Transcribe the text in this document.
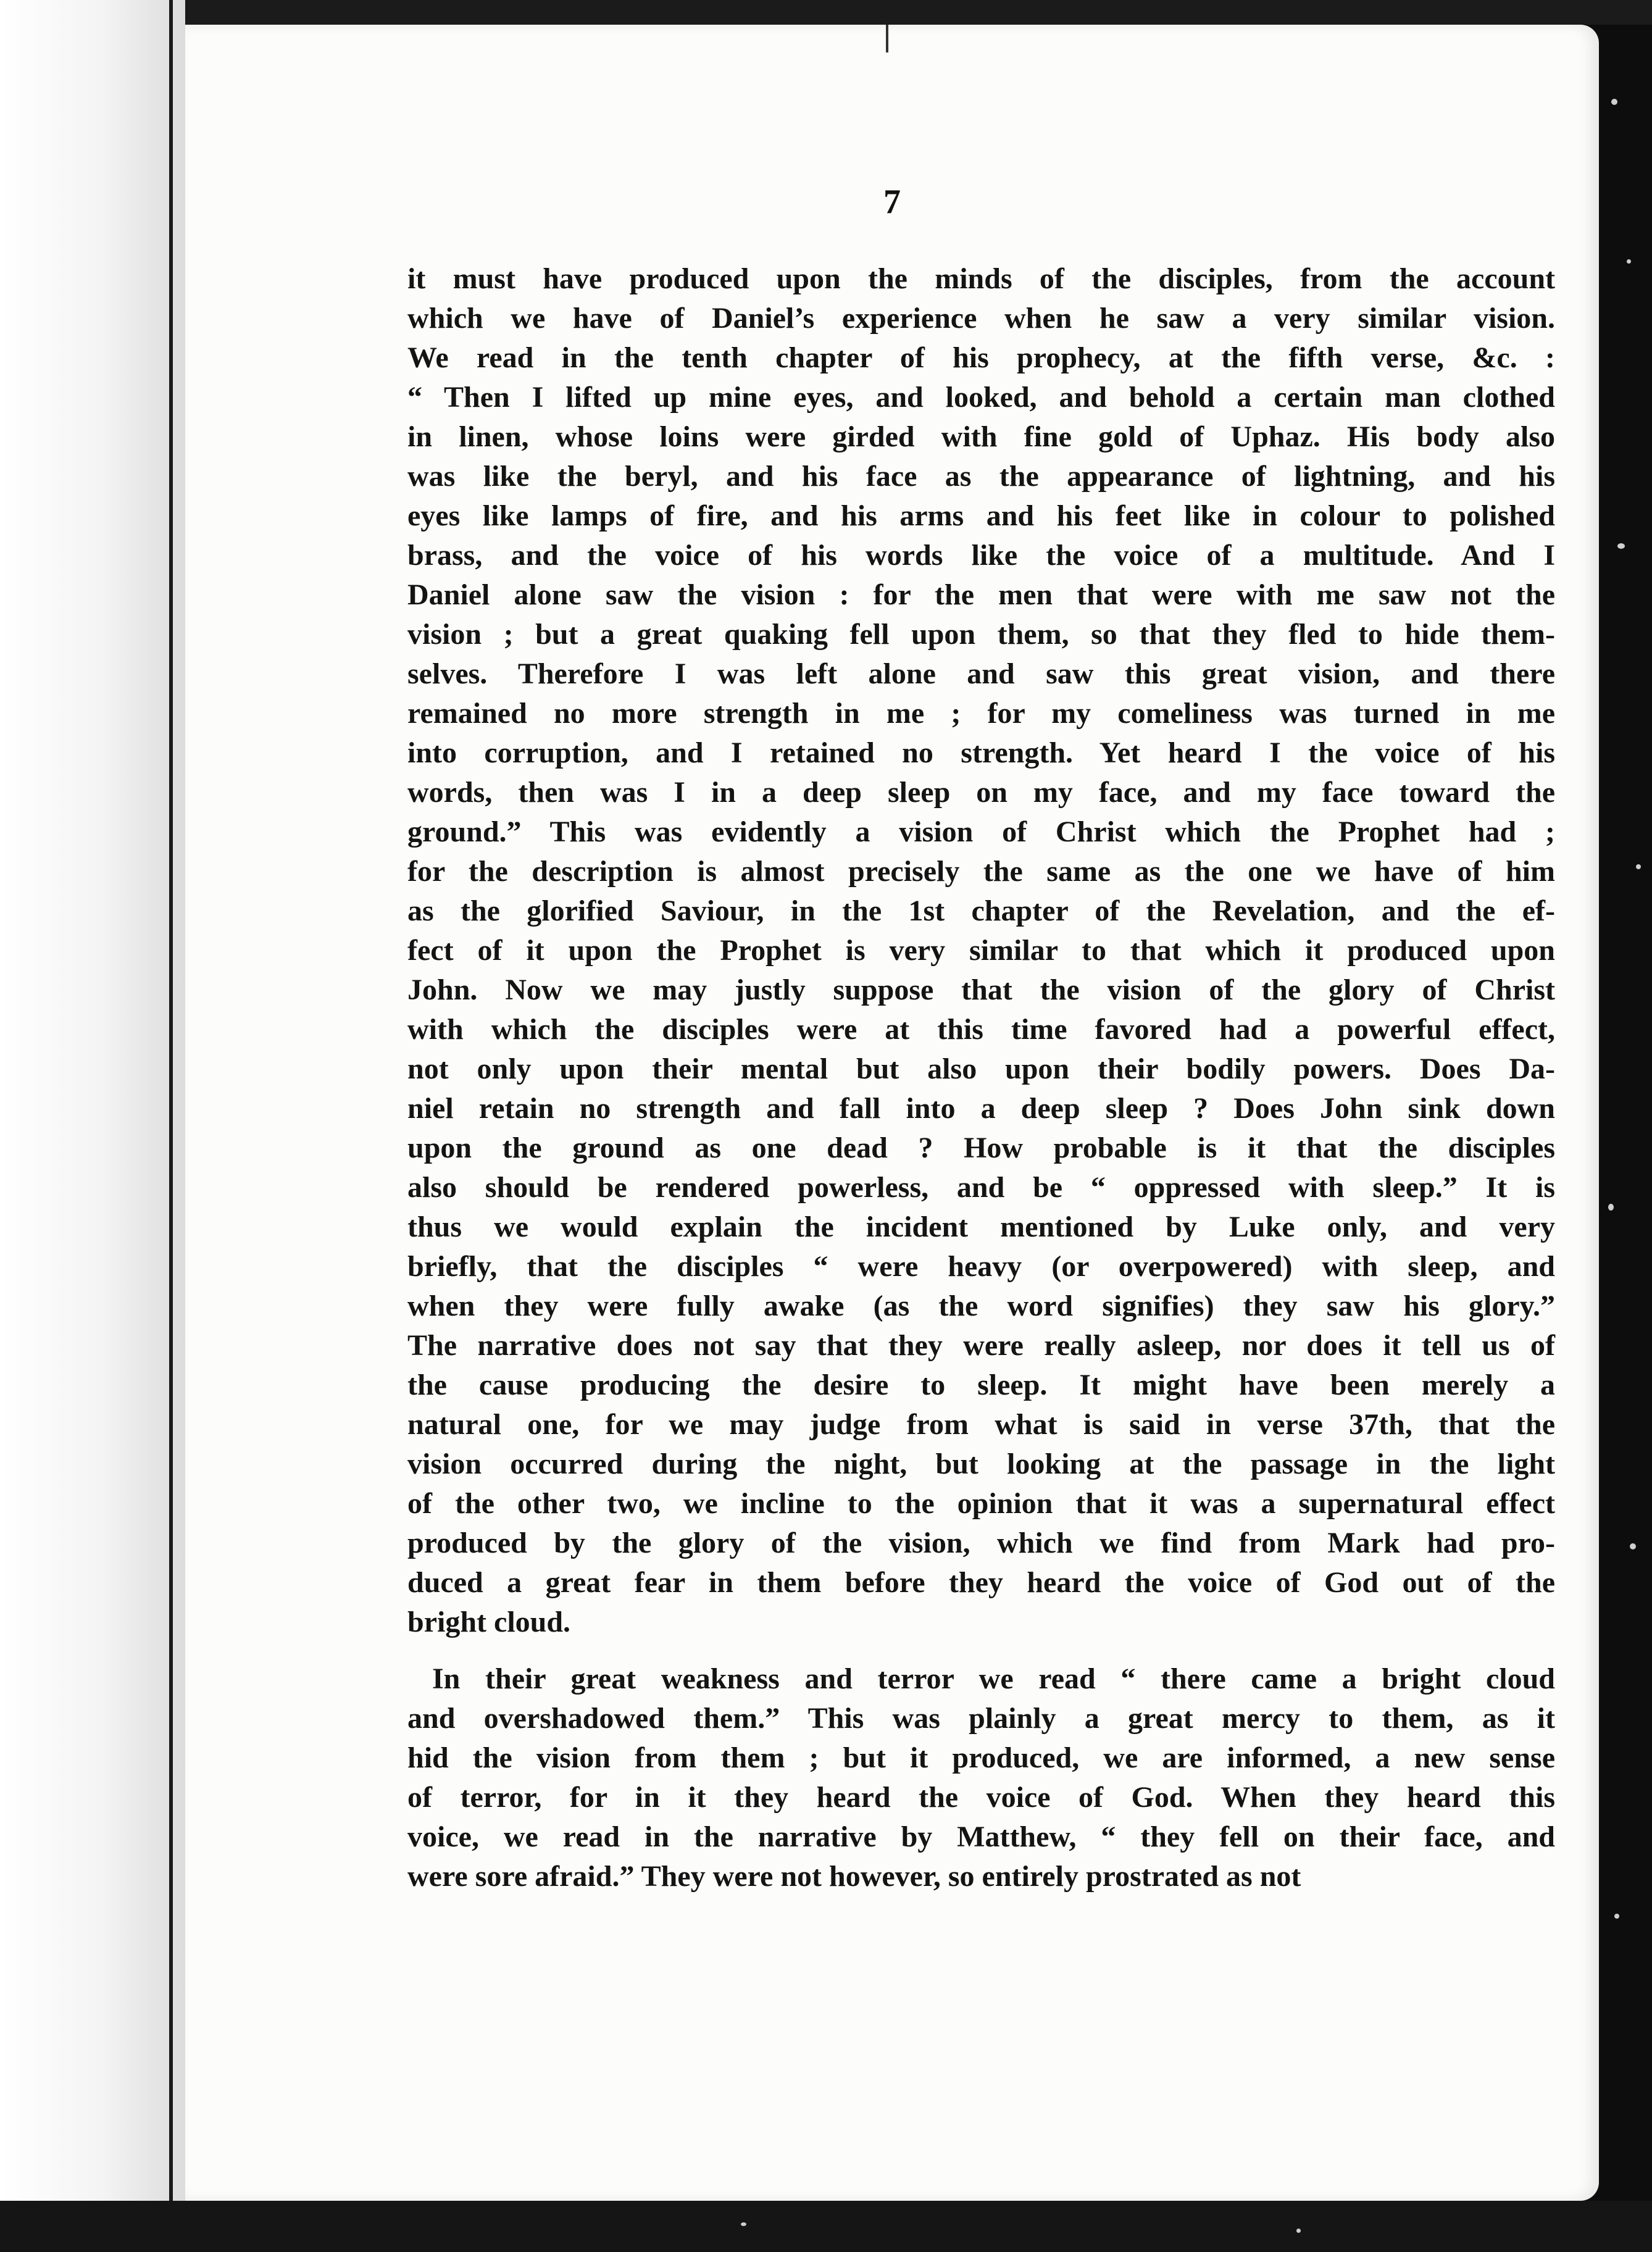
7
it must have produced upon the minds of the disciples, from the account
which we have of Daniel’s experience when he saw a very similar vision.
We read in the tenth chapter of his prophecy, at the fifth verse, &c. :
“ Then I lifted up mine eyes, and looked, and behold a certain man clothed
in linen, whose loins were girded with fine gold of Uphaz. His body also
was like the beryl, and his face as the appearance of lightning, and his
eyes like lamps of fire, and his arms and his feet like in colour to polished
brass, and the voice of his words like the voice of a multitude. And I
Daniel alone saw the vision : for the men that were with me saw not the
vision ; but a great quaking fell upon them, so that they fled to hide them-
selves. Therefore I was left alone and saw this great vision, and there
remained no more strength in me ; for my comeliness was turned in me
into corruption, and I retained no strength. Yet heard I the voice of his
words, then was I in a deep sleep on my face, and my face toward the
ground.” This was evidently a vision of Christ which the Prophet had ;
for the description is almost precisely the same as the one we have of him
as the glorified Saviour, in the 1st chapter of the Revelation, and the ef-
fect of it upon the Prophet is very similar to that which it produced upon
John. Now we may justly suppose that the vision of the glory of Christ
with which the disciples were at this time favored had a powerful effect,
not only upon their mental but also upon their bodily powers. Does Da-
niel retain no strength and fall into a deep sleep ? Does John sink down
upon the ground as one dead ? How probable is it that the disciples
also should be rendered powerless, and be “ oppressed with sleep.” It is
thus we would explain the incident mentioned by Luke only, and very
briefly, that the disciples “ were heavy (or overpowered) with sleep, and
when they were fully awake (as the word signifies) they saw his glory.”
The narrative does not say that they were really asleep, nor does it tell us of
the cause producing the desire to sleep. It might have been merely a
natural one, for we may judge from what is said in verse 37th, that the
vision occurred during the night, but looking at the passage in the light
of the other two, we incline to the opinion that it was a supernatural effect
produced by the glory of the vision, which we find from Mark had pro-
duced a great fear in them before they heard the voice of God out of the
bright cloud.
In their great weakness and terror we read “ there came a bright cloud
and overshadowed them.” This was plainly a great mercy to them, as it
hid the vision from them ; but it produced, we are informed, a new sense
of terror, for in it they heard the voice of God. When they heard this
voice, we read in the narrative by Matthew, “ they fell on their face, and
were sore afraid.” They were not however, so entirely prostrated as not
